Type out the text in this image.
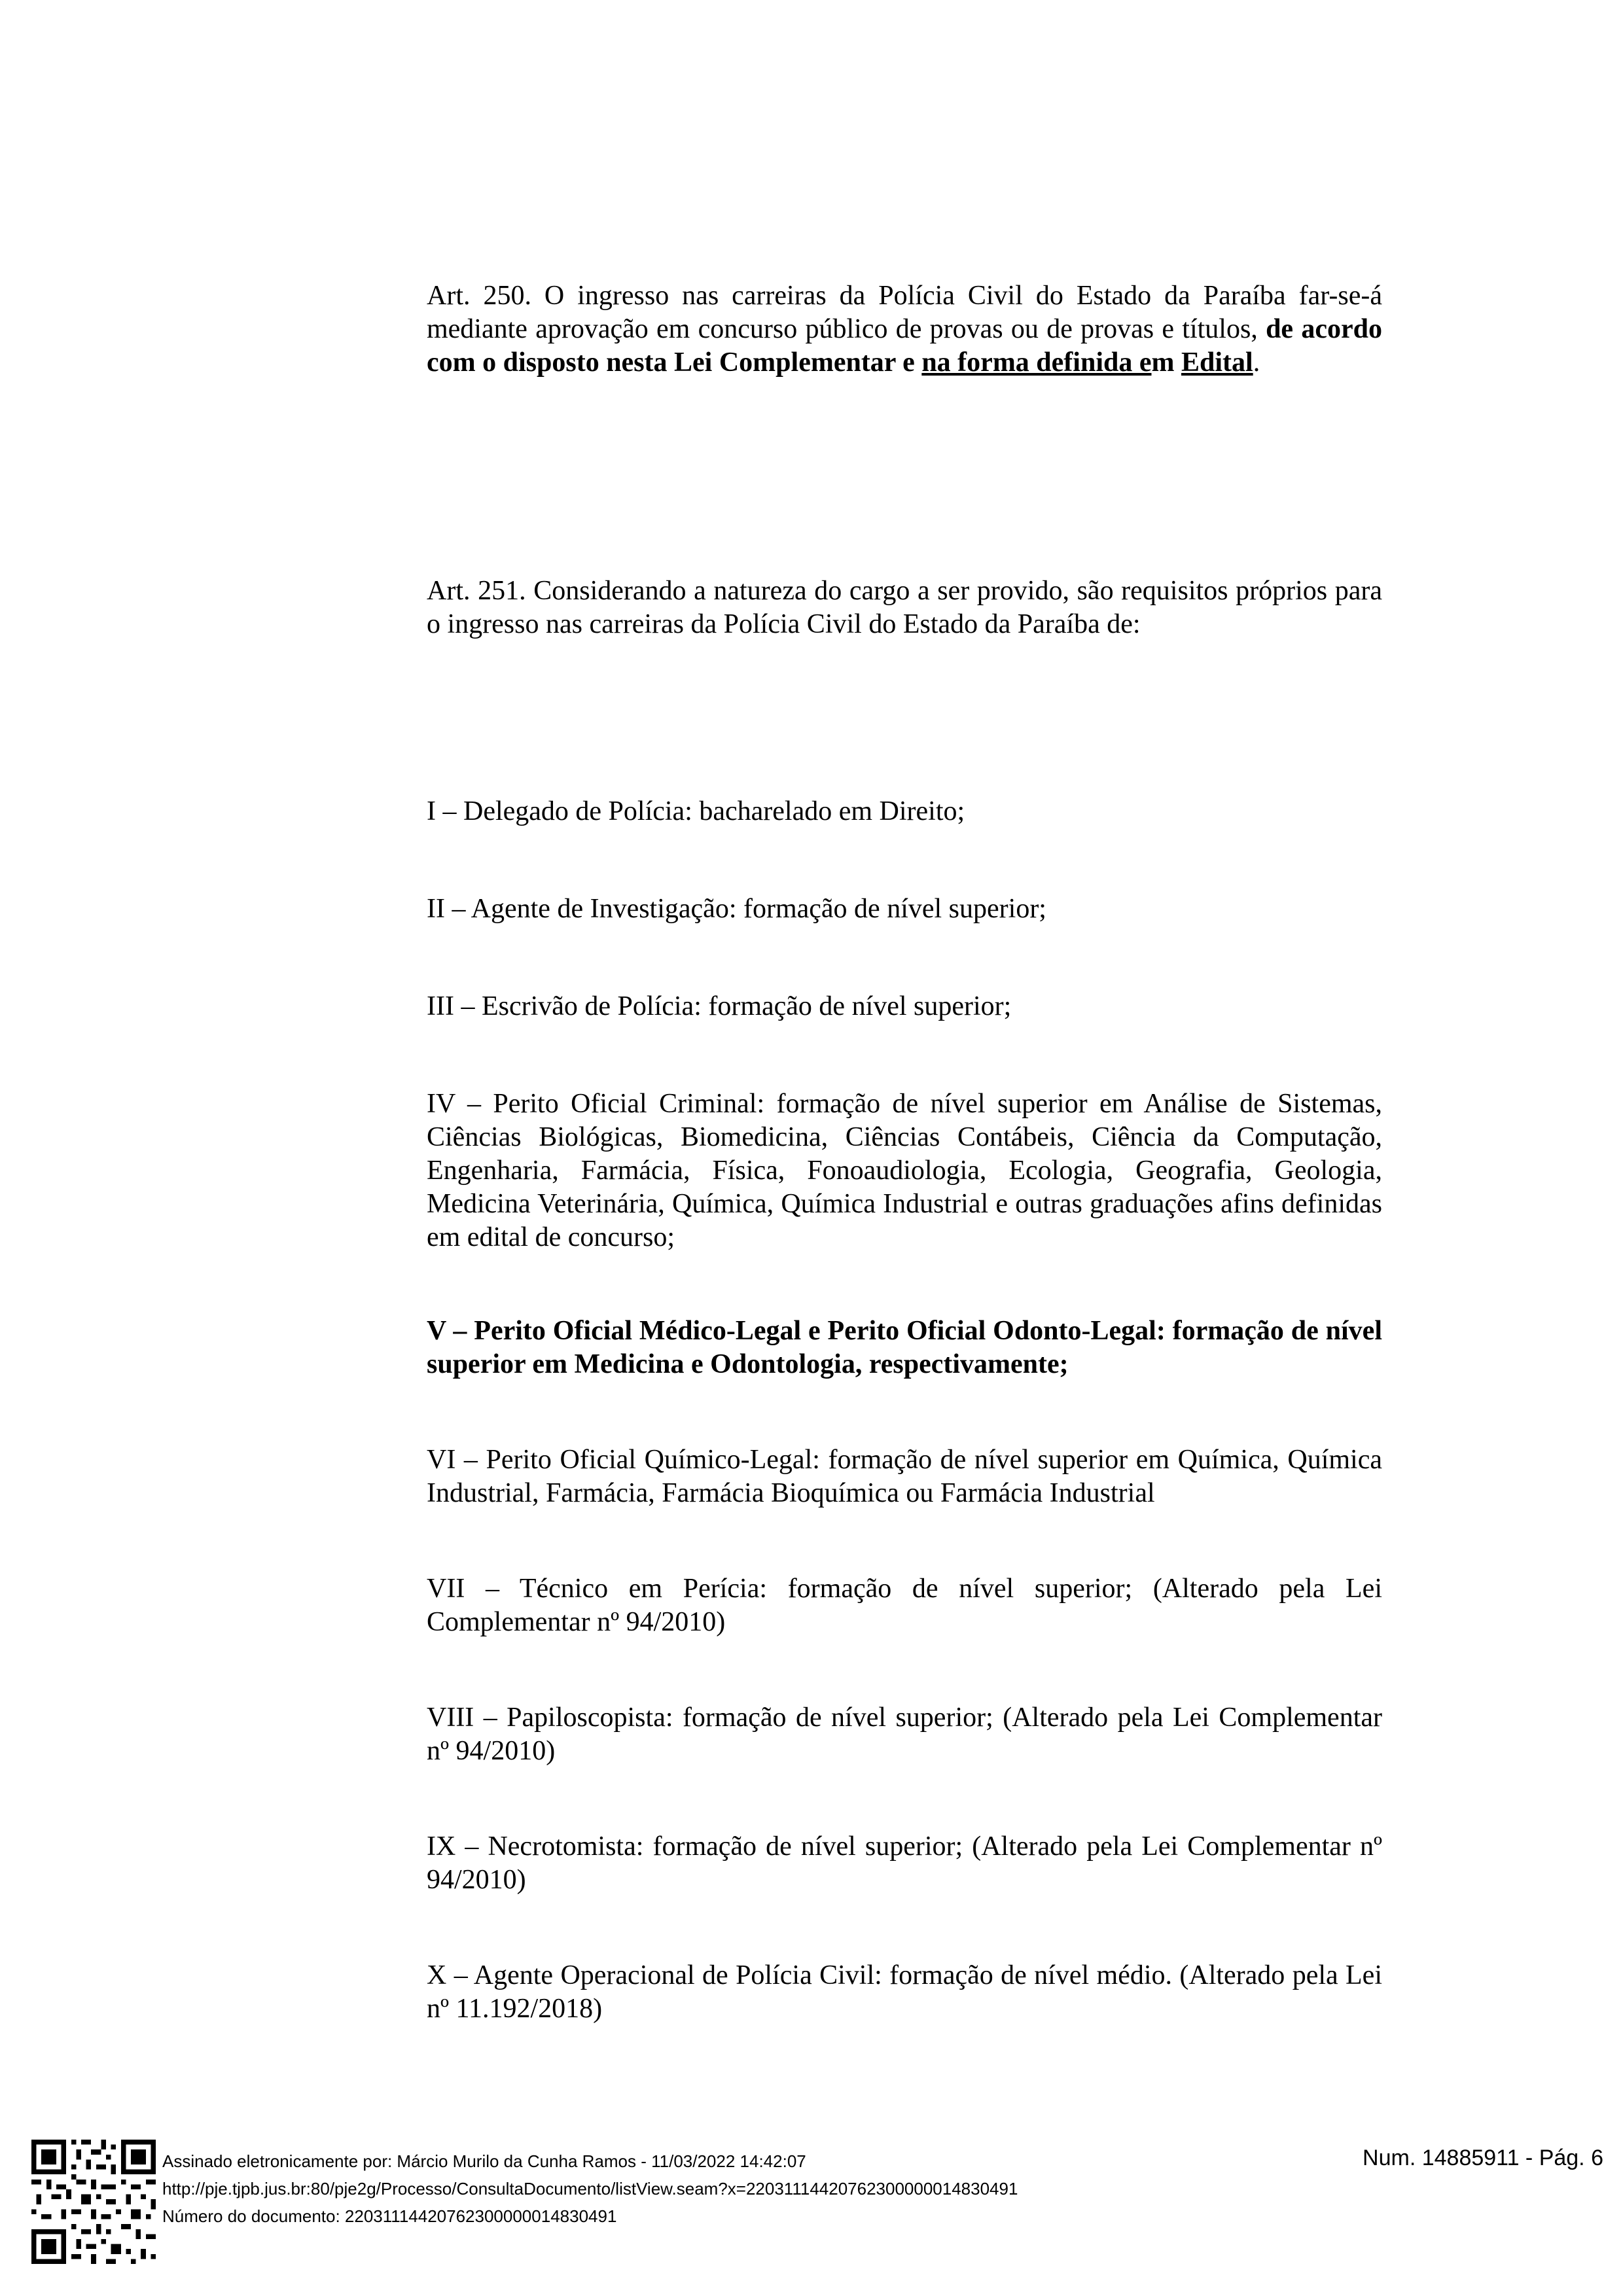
Art. 250. O ingresso nas carreiras da Polícia Civil do Estado da Paraíba far-se-á mediante aprovação em concurso público de provas ou de provas e títulos, de acordo com o disposto nesta Lei Complementar e na forma definida em Edital.

Art. 251. Considerando a natureza do cargo a ser provido, são requisitos próprios para o ingresso nas carreiras da Polícia Civil do Estado da Paraíba de:

I – Delegado de Polícia: bacharelado em Direito;

II – Agente de Investigação: formação de nível superior;

III – Escrivão de Polícia: formação de nível superior;

IV – Perito Oficial Criminal: formação de nível superior em Análise de Sistemas, Ciências Biológicas, Biomedicina, Ciências Contábeis, Ciência da Computação, Engenharia, Farmácia, Física, Fonoaudiologia, Ecologia, Geografia, Geologia, Medicina Veterinária, Química, Química Industrial e outras graduações afins definidas em edital de concurso;

V – Perito Oficial Médico-Legal e Perito Oficial Odonto-Legal: formação de nível superior em Medicina e Odontologia, respectivamente;

VI – Perito Oficial Químico-Legal: formação de nível superior em Química, Química Industrial, Farmácia, Farmácia Bioquímica ou Farmácia Industrial

VII – Técnico em Perícia: formação de nível superior; (Alterado pela Lei Complementar nº 94/2010)

VIII – Papiloscopista: formação de nível superior; (Alterado pela Lei Complementar nº 94/2010)

IX – Necrotomista: formação de nível superior; (Alterado pela Lei Complementar nº 94/2010)

X – Agente Operacional de Polícia Civil: formação de nível médio. (Alterado pela Lei nº 11.192/2018)

Assinado eletronicamente por: Márcio Murilo da Cunha Ramos - 11/03/2022 14:42:07
http://pje.tjpb.jus.br:80/pje2g/Processo/ConsultaDocumento/listView.seam?x=22031114420762300000014830491
Número do documento: 22031114420762300000014830491
Num. 14885911 - Pág. 6
